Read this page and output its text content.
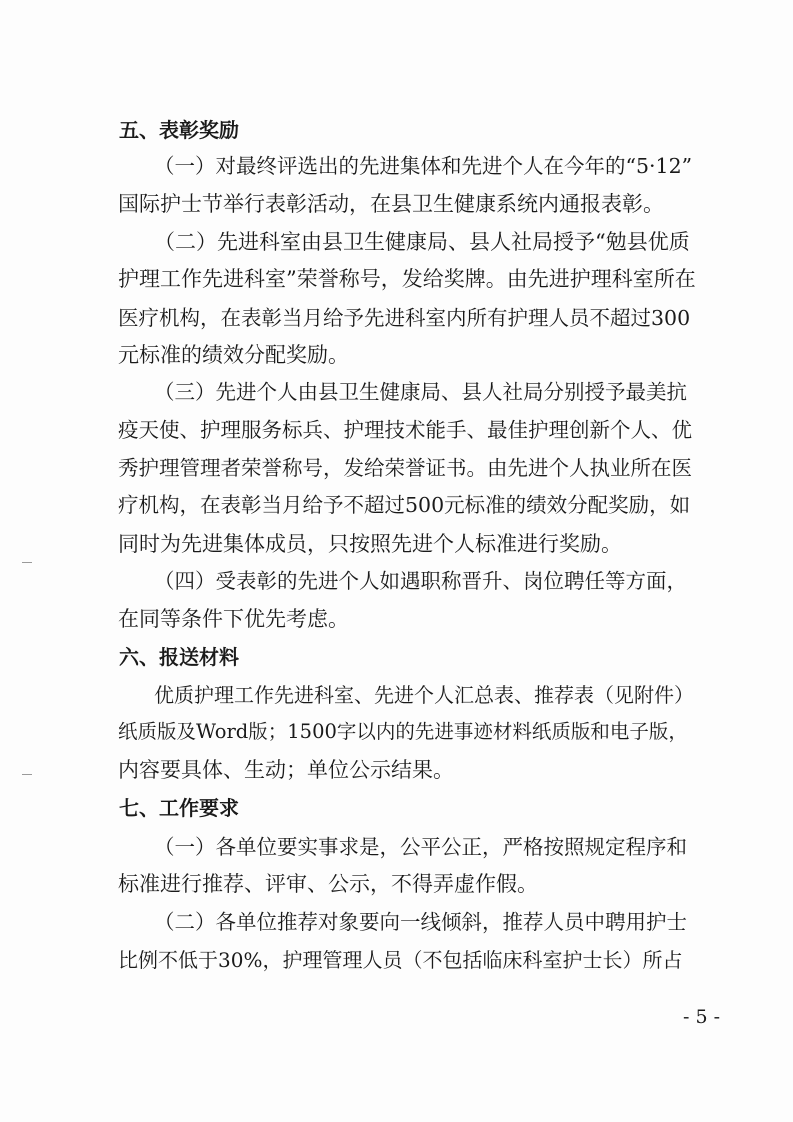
五、表彰奖励
（一）对最终评选出的先进集体和先进个人在今年的“5·12”
国际护士节举行表彰活动，在县卫生健康系统内通报表彰。
（二）先进科室由县卫生健康局、县人社局授予“勉县优质
护理工作先进科室”荣誉称号，发给奖牌。由先进护理科室所在
医疗机构，在表彰当月给予先进科室内所有护理人员不超过300
元标准的绩效分配奖励。
（三）先进个人由县卫生健康局、县人社局分别授予最美抗
疫天使、护理服务标兵、护理技术能手、最佳护理创新个人、优
秀护理管理者荣誉称号，发给荣誉证书。由先进个人执业所在医
疗机构，在表彰当月给予不超过500元标准的绩效分配奖励，如
同时为先进集体成员，只按照先进个人标准进行奖励。
（四）受表彰的先进个人如遇职称晋升、岗位聘任等方面，
在同等条件下优先考虑。
六、报送材料
优质护理工作先进科室、先进个人汇总表、推荐表（见附件）
纸质版及Word版；1500字以内的先进事迹材料纸质版和电子版，
内容要具体、生动；单位公示结果。
七、工作要求
（一）各单位要实事求是，公平公正，严格按照规定程序和
标准进行推荐、评审、公示，不得弄虚作假。
（二）各单位推荐对象要向一线倾斜，推荐人员中聘用护士
比例不低于30%，护理管理人员（不包括临床科室护士长）所占
- 5 -
